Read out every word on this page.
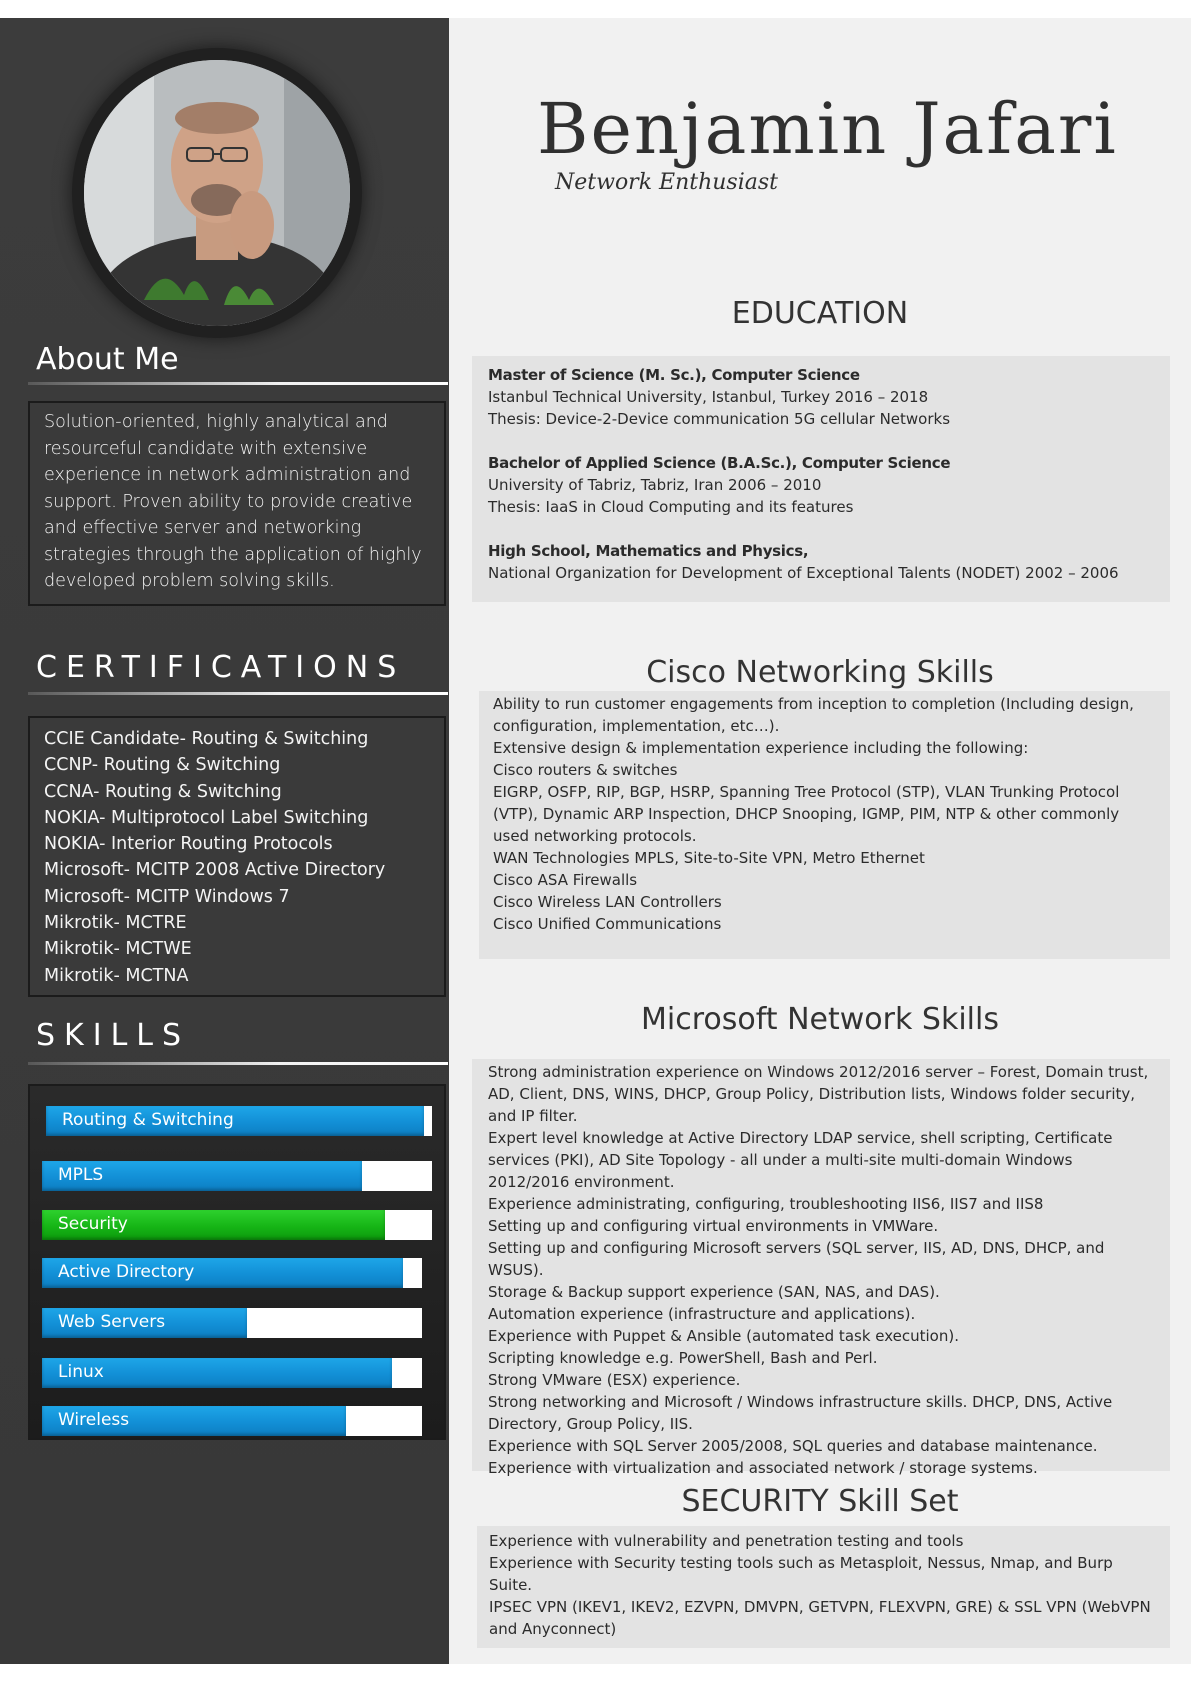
About Me

Solution-oriented, highly analytical and resourceful candidate with extensive experience in network administration and support. Proven ability to provide creative and effective server and networking strategies through the application of highly developed problem solving skills.

CERTIFICATIONS
CCIE Candidate- Routing & Switching
CCNP- Routing & Switching
CCNA- Routing & Switching
NOKIA- Multiprotocol Label Switching
NOKIA- Interior Routing Protocols
Microsoft- MCITP 2008 Active Directory
Microsoft- MCITP Windows 7
Mikrotik- MCTRE
Mikrotik- MCTWE
Mikrotik- MCTNA
SKILLS
Routing & Switching
MPLS
Security
Active Directory
Web Servers
Linux
Wireless
Benjamin Jafari
Network Enthusiast
EDUCATION

Master of Science (M. Sc.), Computer Science

Istanbul Technical University, Istanbul, Turkey 2016 – 2018

Thesis: Device-2-Device communication 5G cellular Networks

Bachelor of Applied Science (B.A.Sc.), Computer Science

University of Tabriz, Tabriz, Iran 2006 – 2010

Thesis: IaaS in Cloud Computing and its features

High School, Mathematics and Physics,

National Organization for Development of Exceptional Talents (NODET) 2002 – 2006

Cisco Networking Skills

Ability to run customer engagements from inception to completion (Including design, configuration, implementation, etc…).

Extensive design & implementation experience including the following:

Cisco routers & switches

EIGRP, OSFP, RIP, BGP, HSRP, Spanning Tree Protocol (STP), VLAN Trunking Protocol (VTP), Dynamic ARP Inspection, DHCP Snooping, IGMP, PIM, NTP & other commonly used networking protocols.

WAN Technologies MPLS, Site-to-Site VPN, Metro Ethernet

Cisco ASA Firewalls

Cisco Wireless LAN Controllers

Cisco Unified Communications

Microsoft Network Skills

Strong administration experience on Windows 2012/2016 server – Forest, Domain trust, AD, Client, DNS, WINS, DHCP, Group Policy, Distribution lists, Windows folder security, and IP filter.

Expert level knowledge at Active Directory LDAP service, shell scripting, Certificate services (PKI), AD Site Topology - all under a multi-site multi-domain Windows 2012/2016 environment.

Experience administrating, configuring, troubleshooting IIS6, IIS7 and IIS8

Setting up and configuring virtual environments in VMWare.

Setting up and configuring Microsoft servers (SQL server, IIS, AD, DNS, DHCP, and WSUS).

Storage & Backup support experience (SAN, NAS, and DAS).

Automation experience (infrastructure and applications).

Experience with Puppet & Ansible (automated task execution).

Scripting knowledge e.g. PowerShell, Bash and Perl.

Strong VMware (ESX) experience.

Strong networking and Microsoft / Windows infrastructure skills. DHCP, DNS, Active Directory, Group Policy, IIS.

Experience with SQL Server 2005/2008, SQL queries and database maintenance.

Experience with virtualization and associated network / storage systems.

SECURITY Skill Set

Experience with vulnerability and penetration testing and tools

Experience with Security testing tools such as Metasploit, Nessus, Nmap, and Burp Suite.

IPSEC VPN (IKEV1, IKEV2, EZVPN, DMVPN, GETVPN, FLEXVPN, GRE) & SSL VPN (WebVPN and Anyconnect)
